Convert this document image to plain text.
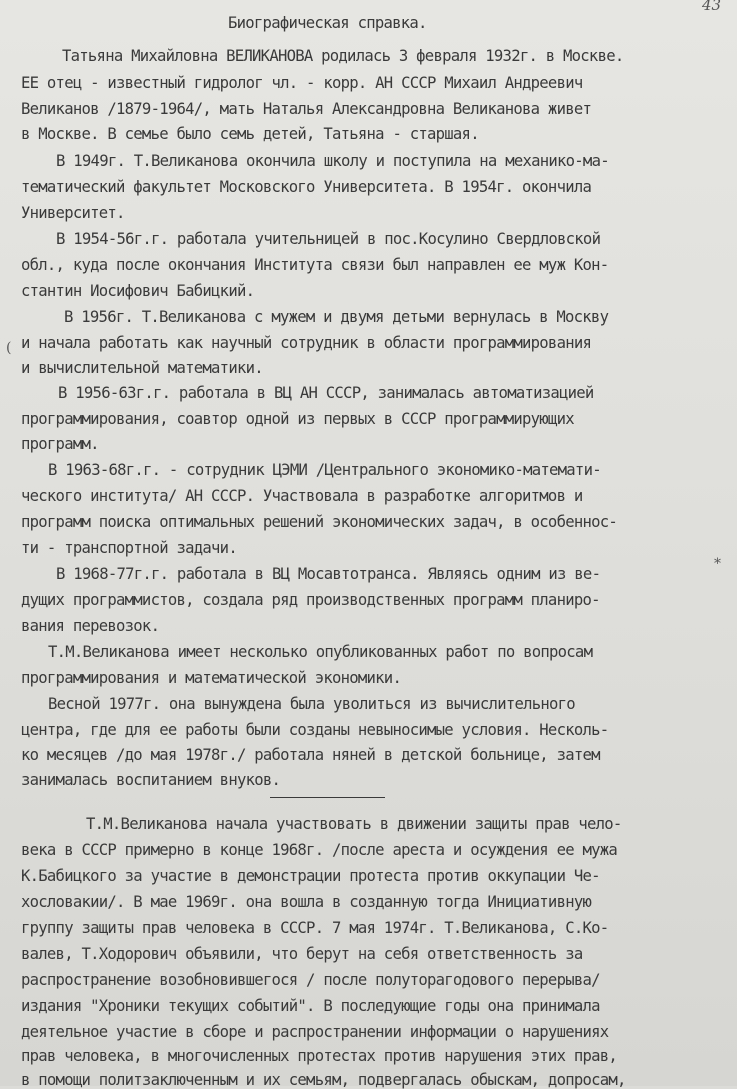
43
Биографическая справка.
Татьяна Михайловна ВЕЛИКАНОВА родилась 3 февраля 1932г. в Москве.
ЕЕ отец - известный гидролог чл. - корр. АН СССР Михаил Андреевич
Великанов /1879-1964/, мать Наталья Александровна Великанова живет
в Москве. В семье было семь детей, Татьяна - старшая.
В 1949г. Т.Великанова окончила школу и поступила на механико-ма-
тематический факультет Московского Университета. В 1954г. окончила
Университет.
В 1954-56г.г. работала учительницей в пос.Косулино Свердловской
обл., куда после окончания Института связи был направлен ее муж Кон-
стантин Иосифович Бабицкий.
В 1956г. Т.Великанова с мужем и двумя детьми вернулась в Москву
и начала работать как научный сотрудник в области программирования
и вычислительной математики.
В 1956-63г.г. работала в ВЦ АН СССР, занималась автоматизацией
программирования, соавтор одной из первых в СССР программирующих
программ.
В 1963-68г.г. - сотрудник ЦЭМИ /Центрального экономико-математи-
ческого института/ АН СССР. Участвовала в разработке алгоритмов и
программ поиска оптимальных решений экономических задач, в особеннос-
ти - транспортной задачи.
В 1968-77г.г. работала в ВЦ Мосавтотранса. Являясь одним из ве-
дущих программистов, создала ряд производственных программ планиро-
вания перевозок.
Т.М.Великанова имеет несколько опубликованных работ по вопросам
программирования и математической экономики.
Весной 1977г. она вынуждена была уволиться из вычислительного
центра, где для ее работы были созданы невыносимые условия. Несколь-
ко месяцев /до мая 1978г./ работала няней в детской больнице, затем
занималась воспитанием внуков.
Т.М.Великанова начала участвовать в движении защиты прав чело-
века в СССР примерно в конце 1968г. /после ареста и осуждения ее мужа
К.Бабицкого за участие в демонстрации протеста против оккупации Че-
хословакии/. В мае 1969г. она вошла в созданную тогда Инициативную
группу защиты прав человека в СССР. 7 мая 1974г. Т.Великанова, С.Ко-
валев, Т.Ходорович объявили, что берут на себя ответственность за
распространение возобновившегося / после полуторагодового перерыва/
издания "Хроники текущих событий". В последующие годы она принимала
деятельное участие в сборе и распространении информации о нарушениях
прав человека, в многочисленных протестах против нарушения этих прав,
в помощи политзаключенным и их семьям, подвергалась обыскам, допросам,
(
*
